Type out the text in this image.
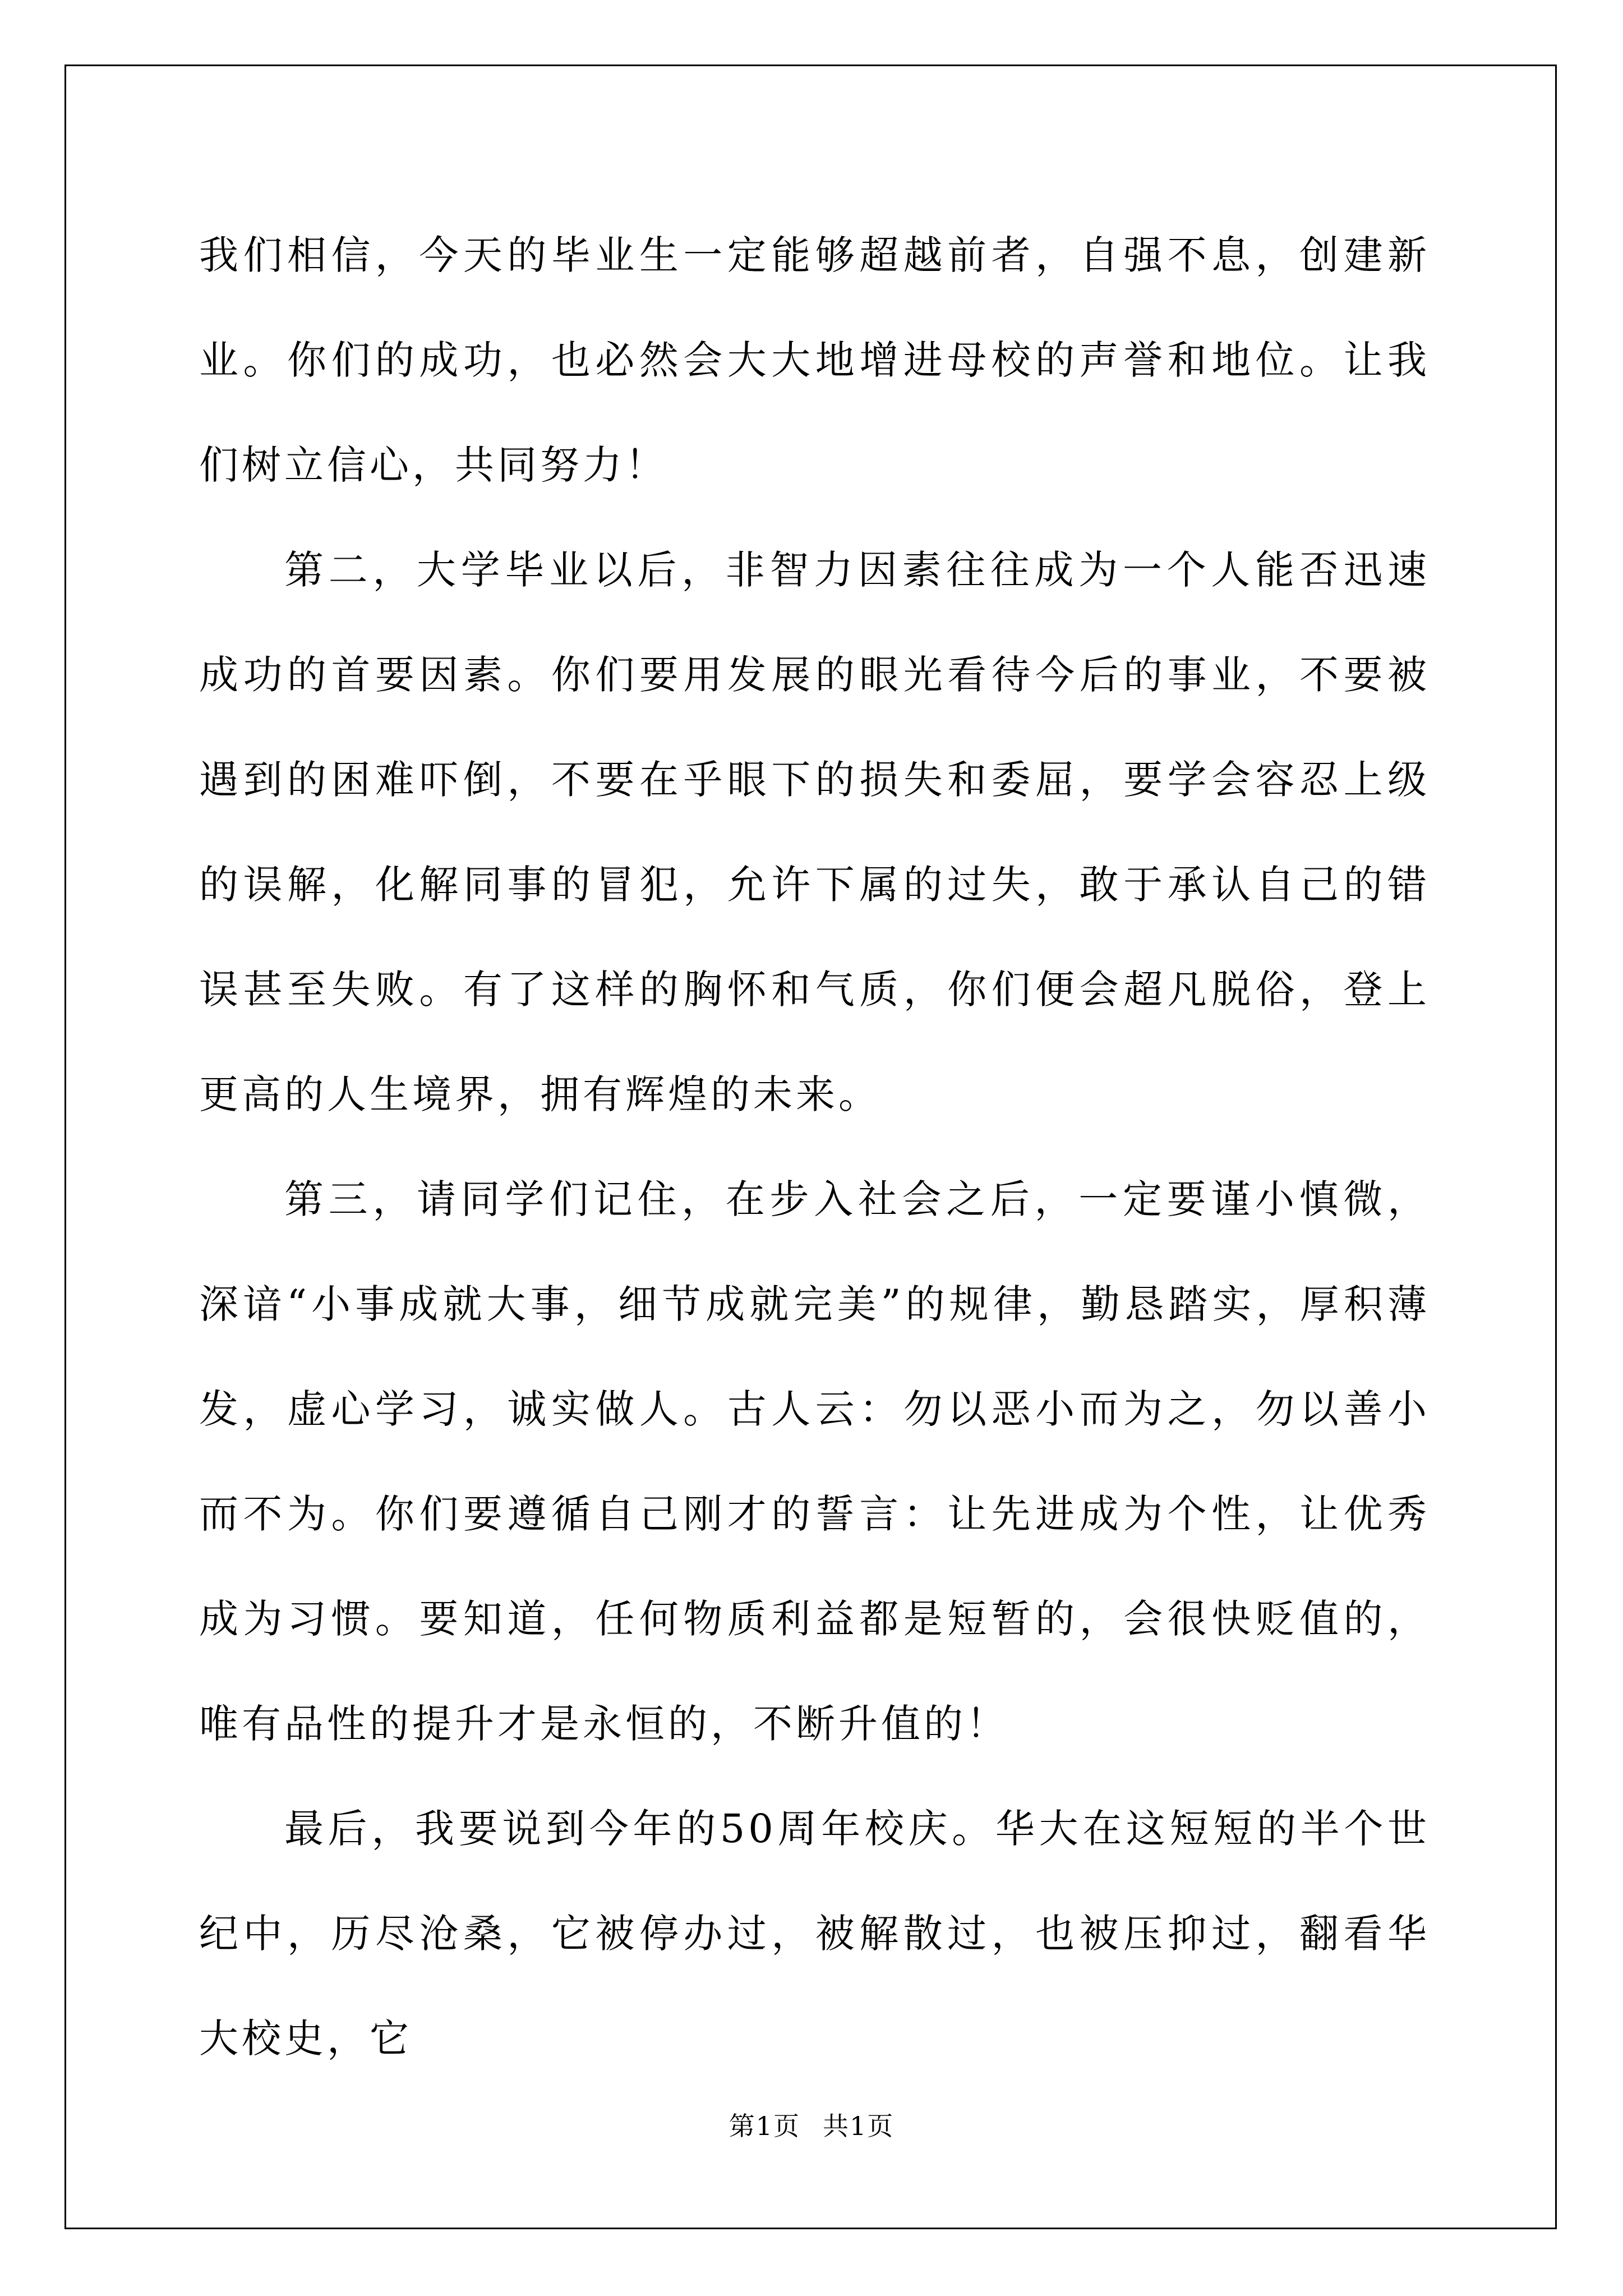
我们相信，今天的毕业生一定能够超越前者，自强不息，创建新业。你们的成功，也必然会大大地增进母校的声誉和地位。让我们树立信心，共同努力！

第二，大学毕业以后，非智力因素往往成为一个人能否迅速成功的首要因素。你们要用发展的眼光看待今后的事业，不要被遇到的困难吓倒，不要在乎眼下的损失和委屈，要学会容忍上级的误解，化解同事的冒犯，允许下属的过失，敢于承认自己的错误甚至失败。有了这样的胸怀和气质，你们便会超凡脱俗，登上更高的人生境界，拥有辉煌的未来。

第三，请同学们记住，在步入社会之后，一定要谨小慎微，深谙“小事成就大事，细节成就完美”的规律，勤恳踏实，厚积薄发，虚心学习，诚实做人。古人云：勿以恶小而为之，勿以善小而不为。你们要遵循自己刚才的誓言：让先进成为个性，让优秀成为习惯。要知道，任何物质利益都是短暂的，会很快贬值的，唯有品性的提升才是永恒的，不断升值的！

最后，我要说到今年的50周年校庆。华大在这短短的半个世纪中，历尽沧桑，它被停办过，被解散过，也被压抑过，翻看华大校史，它

第1页 共1页
